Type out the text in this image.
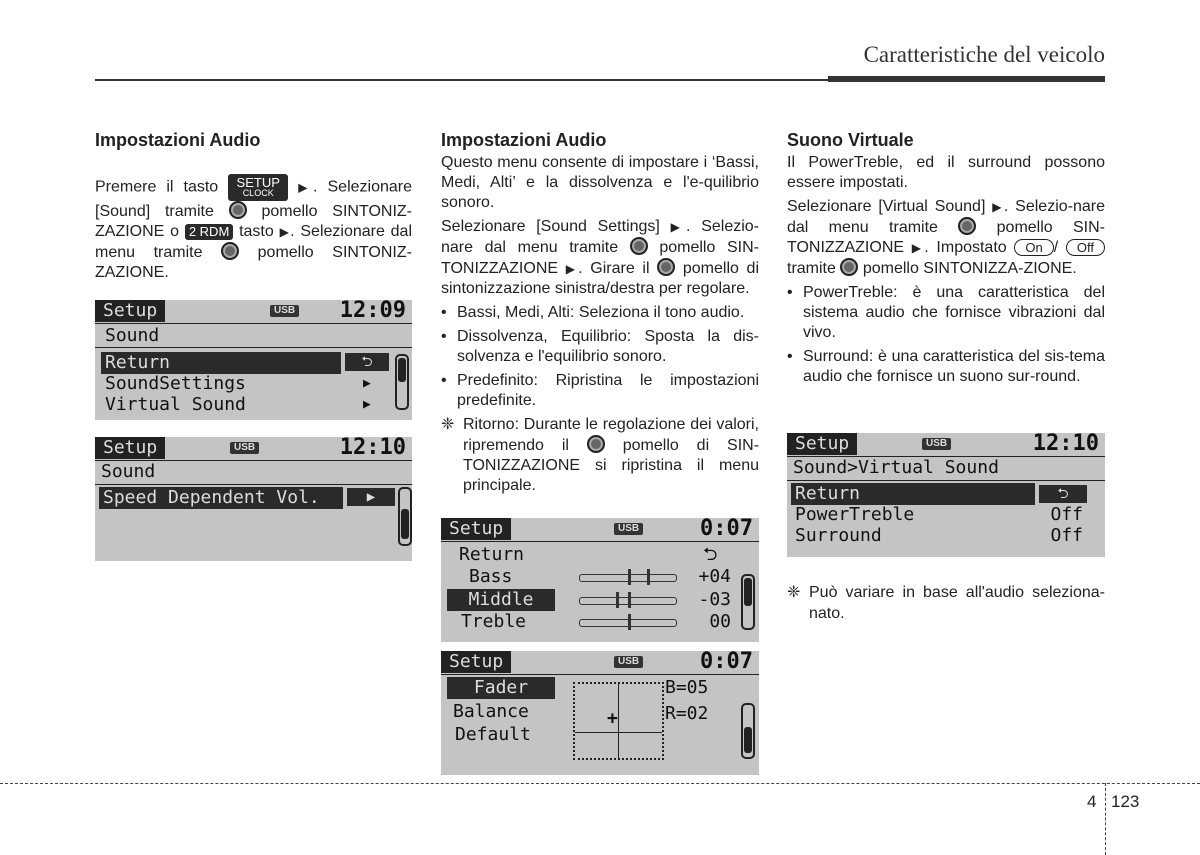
Caratteristiche del veicolo
Impostazioni Audio

Premere il tasto SETUP
CLOCK	▶. Selezionare [Sound] tramite	pomello SINTONIZ-ZAZIONE o 2 RDM tasto ▶. Selezionare dal menu tramite	pomello SINTONIZ-ZAZIONE.

Setup	USB 12:09
Sound
Return	⮌
SoundSettings	▶
Virtual Sound	▶
Setup	USB	12:10
Sound
Speed Dependent Vol.	▶
Impostazioni Audio

Questo menu consente di impostare i ‘Bassi, Medi, Alti’ e la dissolvenza e l'e-quilibrio sonoro.

Selezionare [Sound Settings] ▶. Selezio-nare dal menu tramite	pomello SIN-TONIZZAZIONE ▶. Girare il pomello di sintonizzazione sinistra/destra per regolare.

• Bassi, Medi, Alti: Seleziona il tono audio.
• Dissolvenza, Equilibrio: Sposta la dis-solvenza e l'equilibrio sonoro.
• Predefinito: Ripristina le impostazioni predefinite.
❈ Ritorno: Durante le regolazione dei valori, ripremendo il	pomello di SIN-TONIZZAZIONE si ripristina il menu principale.
Setup	USB	0:07
Return	⮌
Bass	+04
Middle	-03
Treble	00
Setup	USB	0:07
Fader
Balance
Default
+
B=05
R=02
Suono Virtuale

Il PowerTreble, ed il surround possono essere impostati.

Selezionare [Virtual Sound] ▶. Selezio-nare dal menu tramite	pomello SIN-TONIZZAZIONE ▶. Impostato On / Off tramite pomello SINTONIZZA-ZIONE.

• PowerTreble: è una caratteristica del sistema audio che fornisce vibrazioni dal vivo.
• Surround: è una caratteristica del sis-tema audio che fornisce un suono sur-round.
Setup	USB	12:10
Sound>Virtual Sound
Return	⮌
PowerTreble	Off
Surround	Off
❈ Può variare in base all'audio seleziona-nato.
4 123
